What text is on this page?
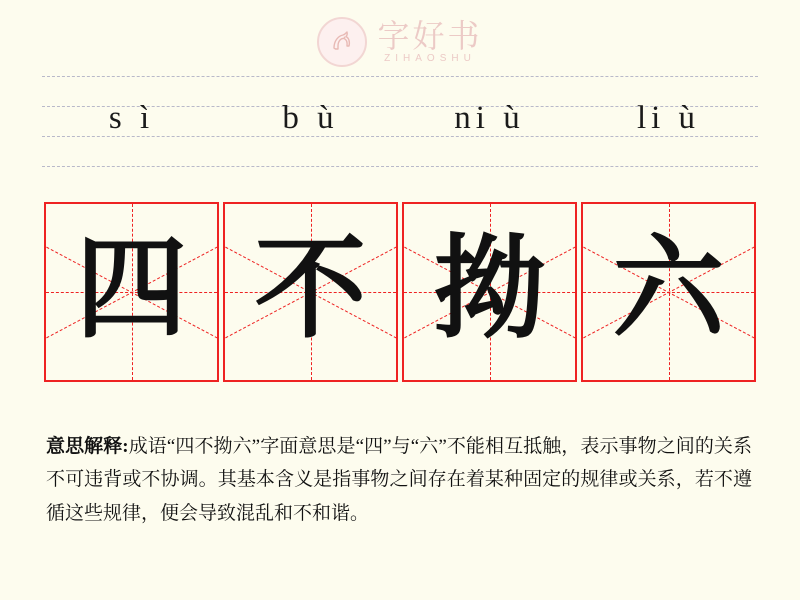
字好书
ZIHAOSHU
s ì	b ù	ni ù	li ù
四 不 拗 六
意思解释:成语“四不拗六”字面意思是“四”与“六”不能相互抵触，表示事物之间的关系不可违背或不协调。其基本含义是指事物之间存在着某种固定的规律或关系，若不遵循这些规律，便会导致混乱和不和谐。
